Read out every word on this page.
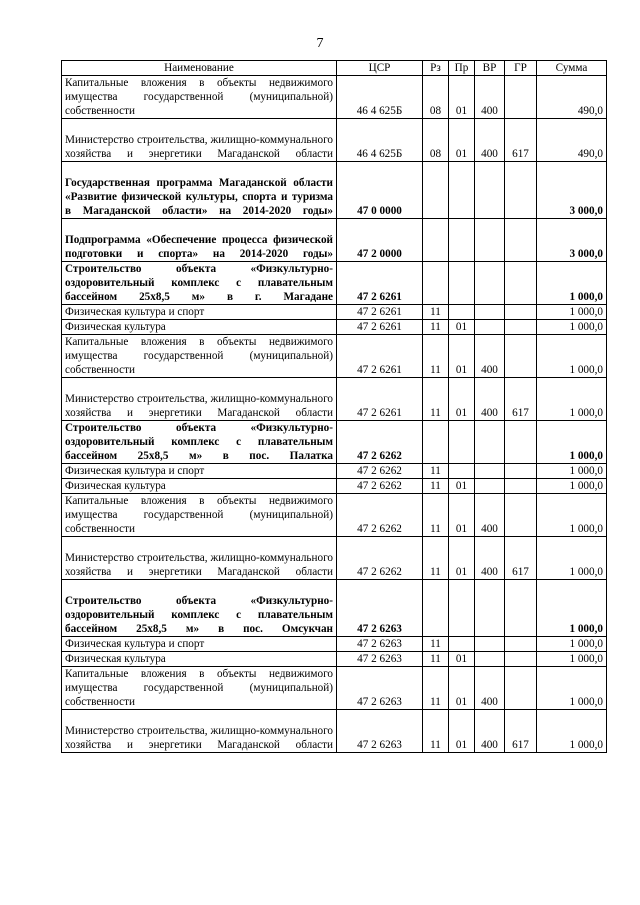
7
Наименование	ЦСР	Рз	Пр	ВР	ГР	Сумма
Капитальные вложения в объекты недвижимого имущества государственной (муниципальной) собственности	46 4 625Б	08	01	400		490,0
Министерство строительства, жилищно-коммунального хозяйства и энергетики Магаданской области	46 4 625Б	08	01	400	617	490,0
Государственная программа Магаданской области «Развитие физической культуры, спорта и туризма в Магаданской области» на 2014-2020 годы»	47 0 0000					3 000,0
Подпрограмма «Обеспечение процесса физической подготовки и спорта» на 2014-2020 годы»	47 2 0000					3 000,0
Строительство объекта «Физкультурно-оздоровительный комплекс с плавательным бассейном 25х8,5 м» в г. Магадане	47 2 6261					1 000,0
Физическая культура и спорт	47 2 6261	11				1 000,0
Физическая культура	47 2 6261	11	01			1 000,0
Капитальные вложения в объекты недвижимого имущества государственной (муниципальной) собственности	47 2 6261	11	01	400		1 000,0
Министерство строительства, жилищно-коммунального хозяйства и энергетики Магаданской области	47 2 6261	11	01	400	617	1 000,0
Строительство объекта «Физкультурно-оздоровительный комплекс с плавательным бассейном 25х8,5 м» в пос. Палатка	47 2 6262					1 000,0
Физическая культура и спорт	47 2 6262	11				1 000,0
Физическая культура	47 2 6262	11	01			1 000,0
Капитальные вложения в объекты недвижимого имущества государственной (муниципальной) собственности	47 2 6262	11	01	400		1 000,0
Министерство строительства, жилищно-коммунального хозяйства и энергетики Магаданской области	47 2 6262	11	01	400	617	1 000,0
Строительство объекта «Физкультурно-оздоровительный комплекс с плавательным бассейном 25х8,5 м» в пос. Омсукчан	47 2 6263					1 000,0
Физическая культура и спорт	47 2 6263	11				1 000,0
Физическая культура	47 2 6263	11	01			1 000,0
Капитальные вложения в объекты недвижимого имущества государственной (муниципальной) собственности	47 2 6263	11	01	400		1 000,0
Министерство строительства, жилищно-коммунального хозяйства и энергетики Магаданской области	47 2 6263	11	01	400	617	1 000,0
